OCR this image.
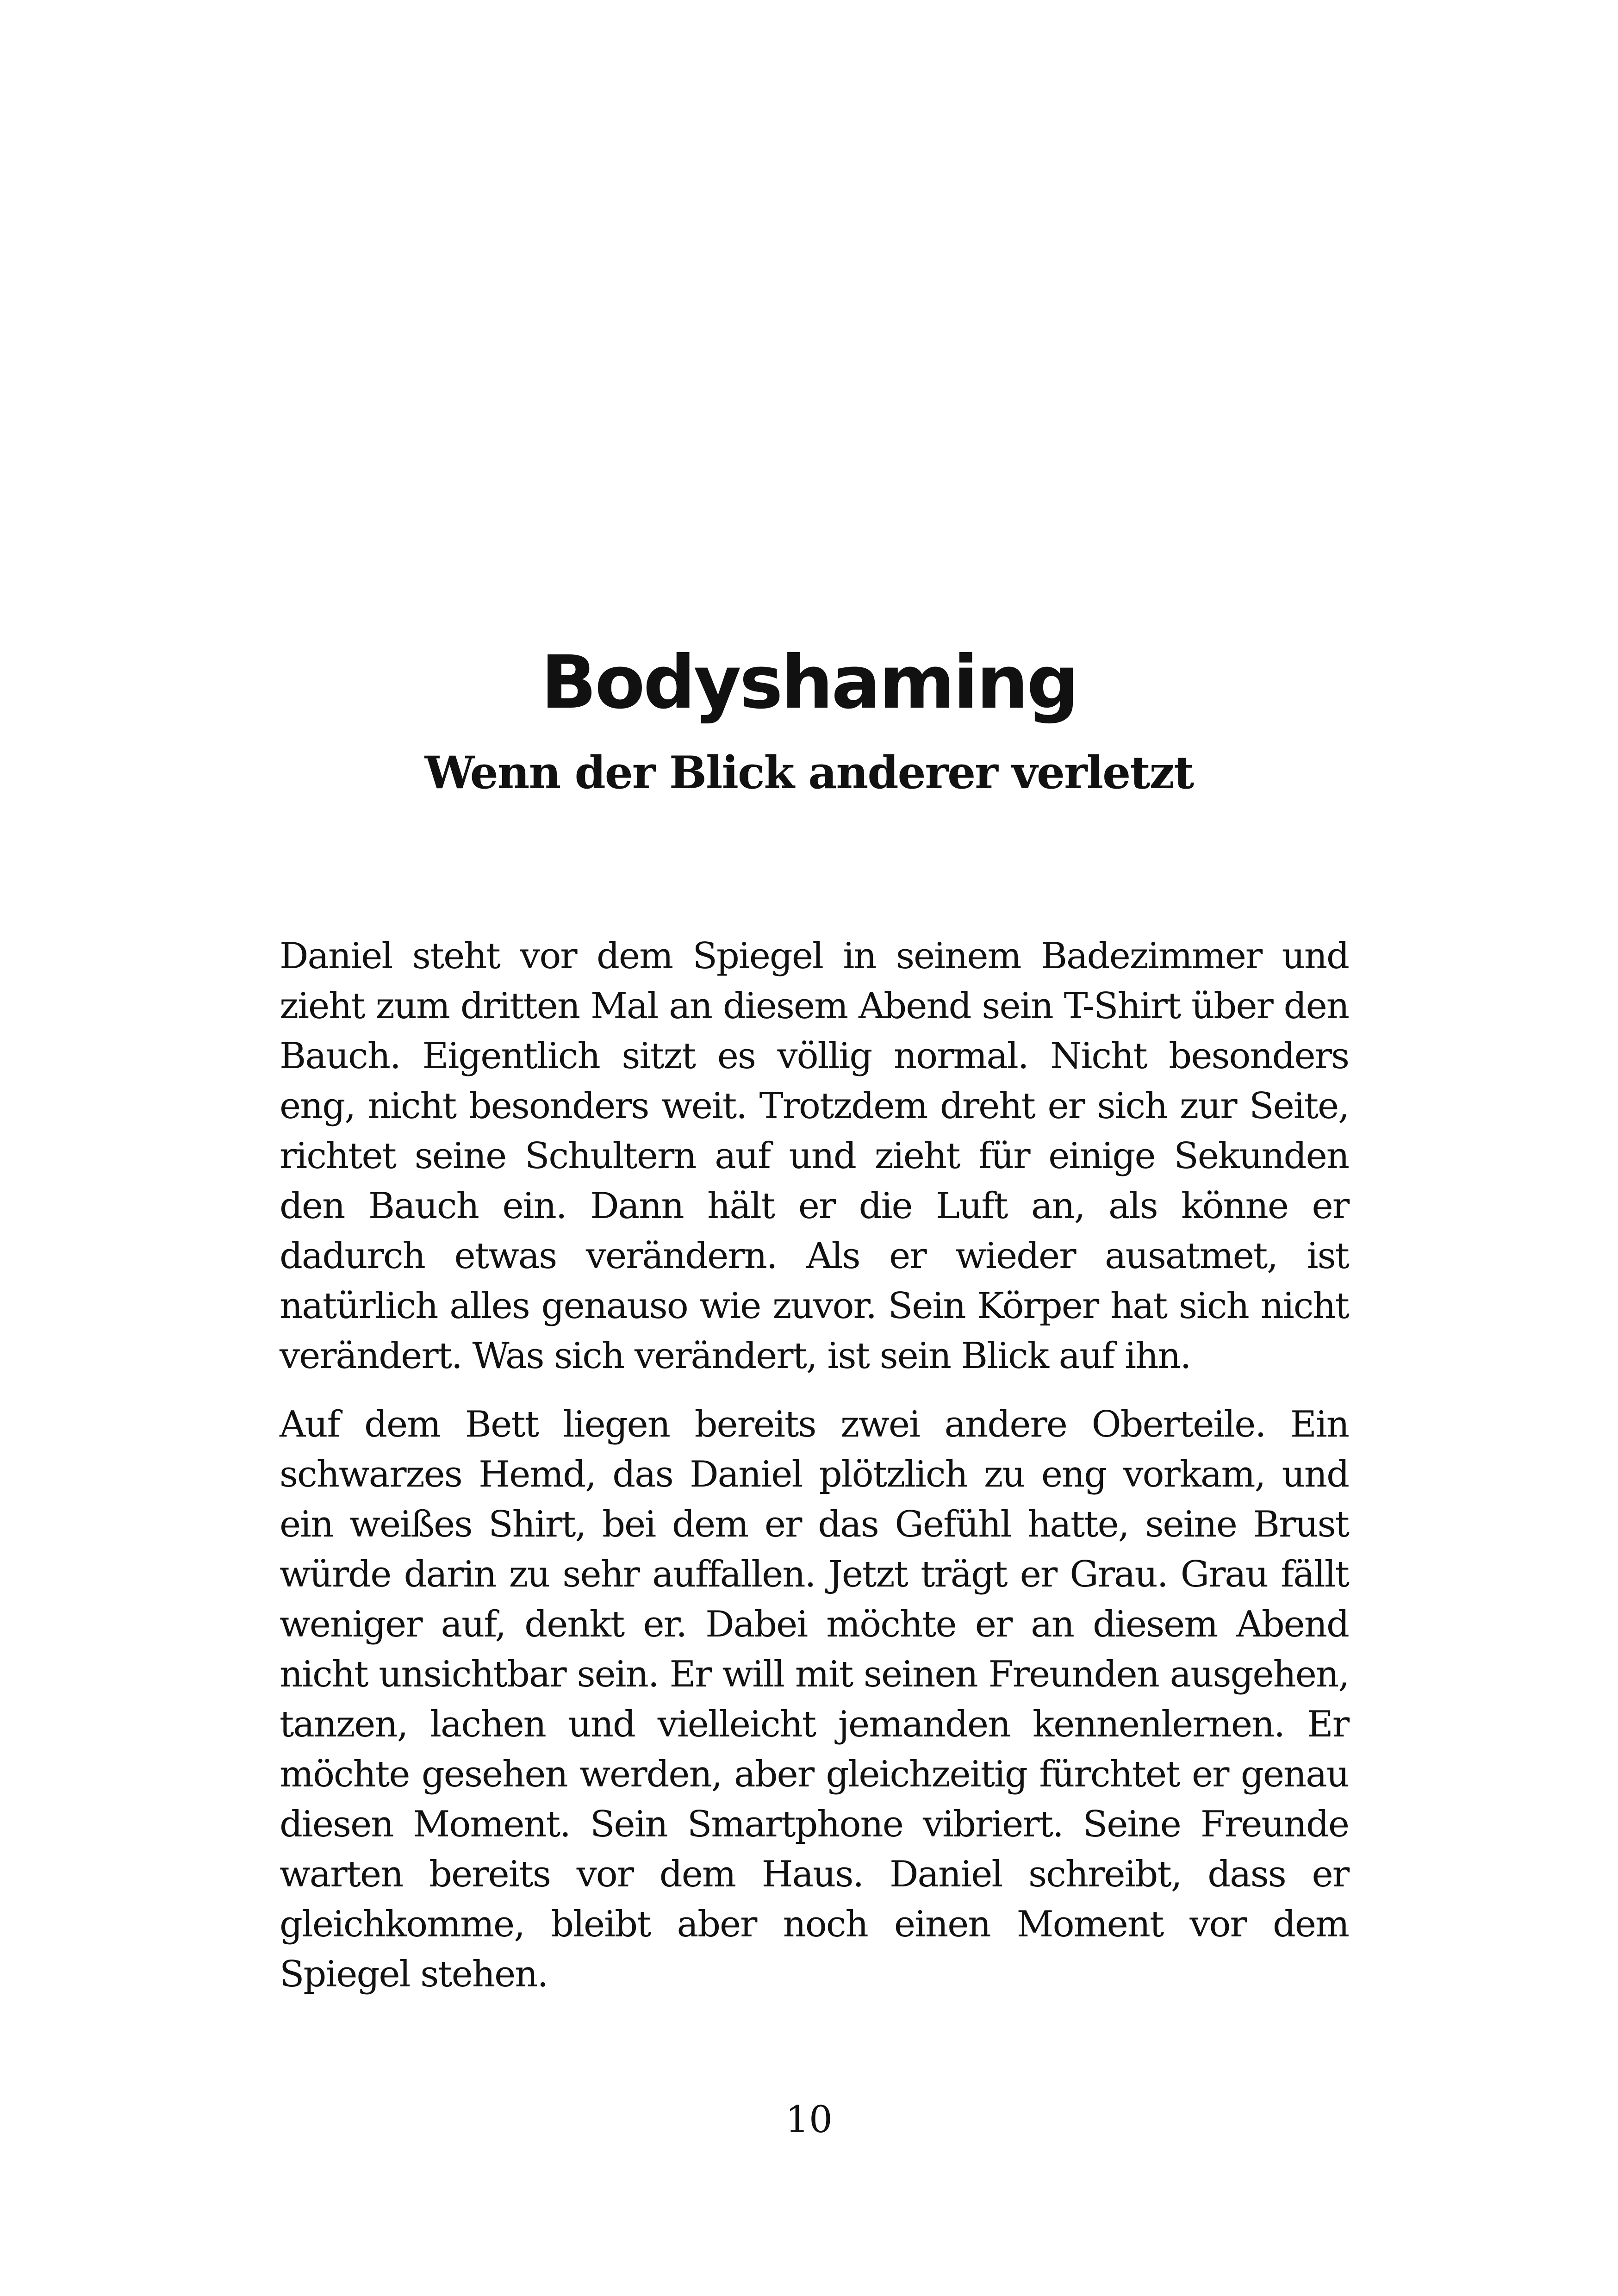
Bodyshaming
Wenn der Blick anderer verletzt

Daniel steht vor dem Spiegel in seinem Badezimmer und zieht zum dritten Mal an diesem Abend sein T-Shirt über den Bauch. Eigentlich sitzt es völlig normal. Nicht besonders eng, nicht besonders weit. Trotzdem dreht er sich zur Seite, richtet seine Schultern auf und zieht für einige Sekunden den Bauch ein. Dann hält er die Luft an, als könne er dadurch etwas verändern. Als er wieder ausatmet, ist natürlich alles genauso wie zuvor. Sein Körper hat sich nicht verändert. Was sich verändert, ist sein Blick auf ihn.

Auf dem Bett liegen bereits zwei andere Oberteile. Ein schwarzes Hemd, das Daniel plötzlich zu eng vorkam, und ein weißes Shirt, bei dem er das Gefühl hatte, seine Brust würde darin zu sehr auffallen. Jetzt trägt er Grau. Grau fällt weniger auf, denkt er. Dabei möchte er an diesem Abend nicht unsichtbar sein. Er will mit seinen Freunden ausgehen, tanzen, lachen und vielleicht jemanden kennenlernen. Er möchte gesehen werden, aber gleichzeitig fürchtet er genau diesen Moment. Sein Smartphone vibriert. Seine Freunde warten bereits vor dem Haus. Daniel schreibt, dass er gleichkomme, bleibt aber noch einen Moment vor dem Spiegel stehen.

10
